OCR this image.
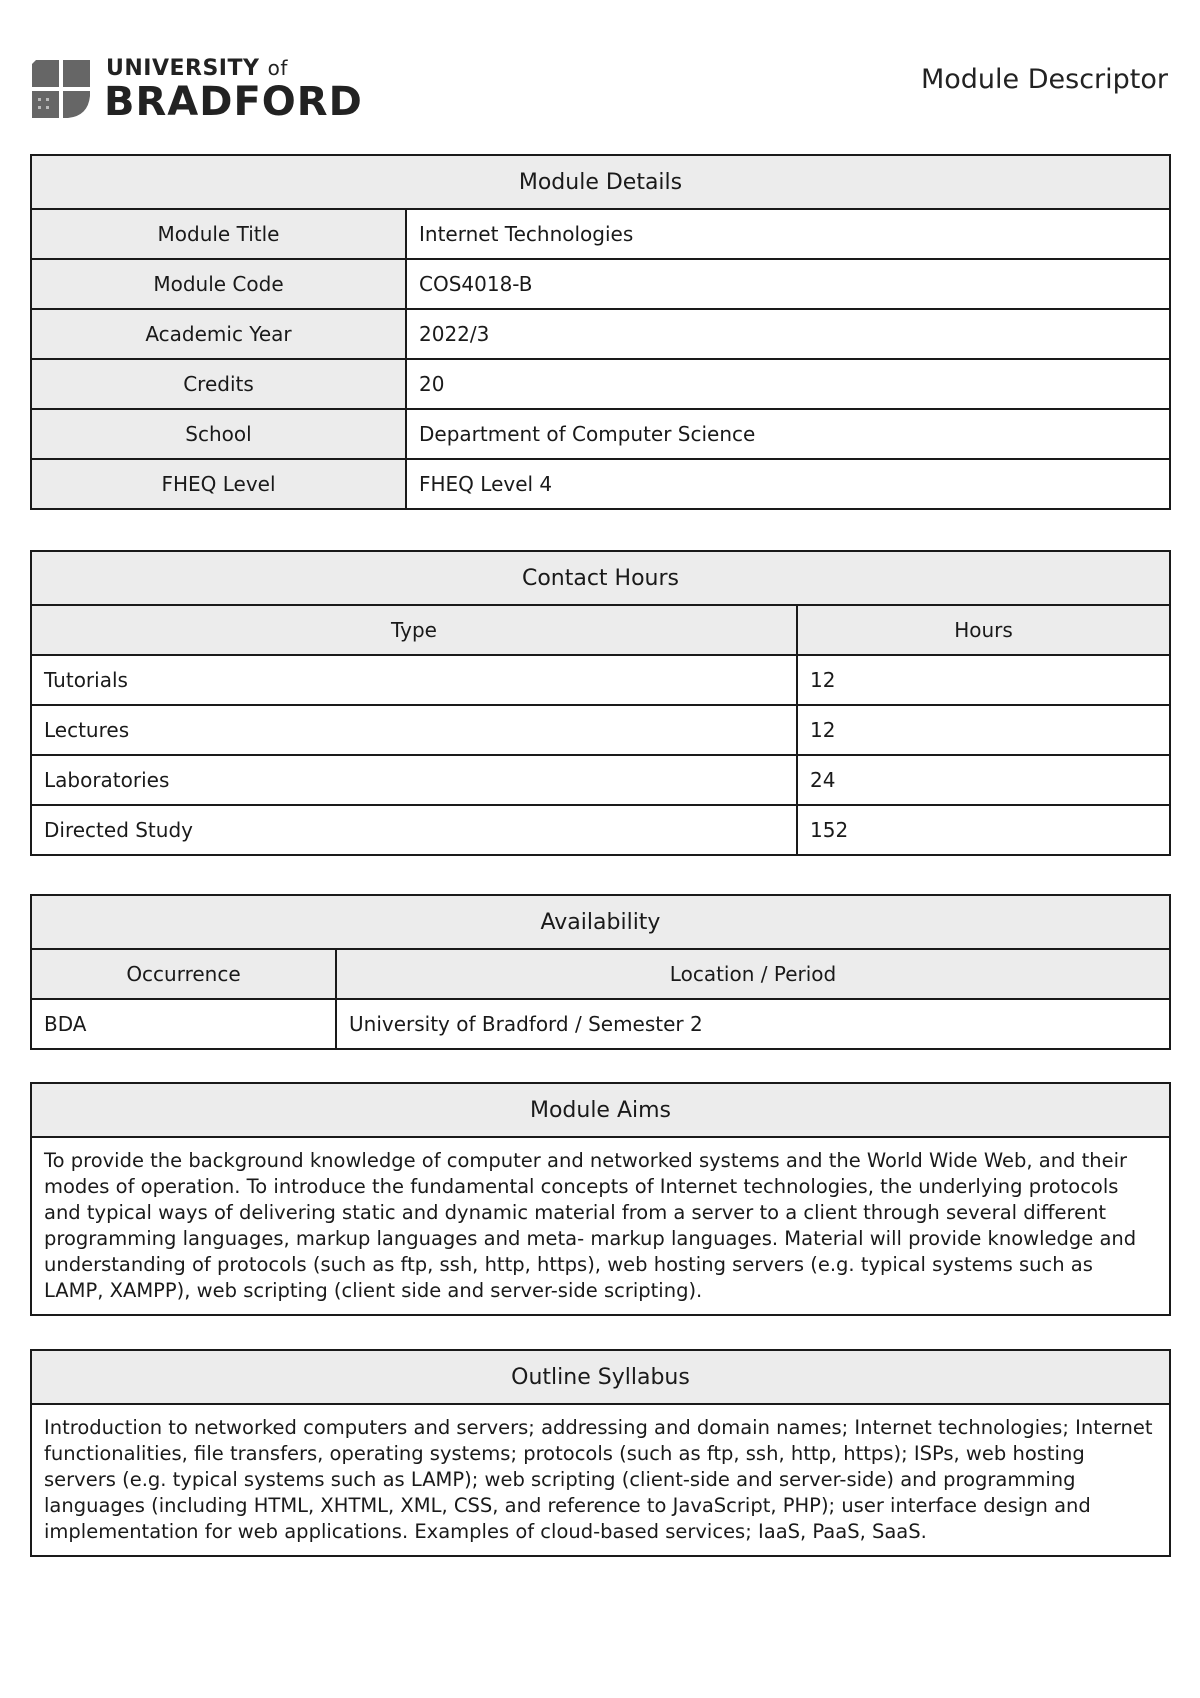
UNIVERSITY of
BRADFORD	Module Descriptor
Module Details	
Module Title	Internet Technologies
Module Code	COS4018-B
Academic Year	2022/3
Credits	20
School	Department of Computer Science
FHEQ Level	FHEQ Level 4
Contact Hours	
Type	Hours
Tutorials	12
Lectures	12
Laboratories	24
Directed Study	152
Availability	
Occurrence	Location / Period
BDA	University of Bradford / Semester 2
Module Aims
To provide the background knowledge of computer and networked systems and the World Wide Web, and their modes of operation. To introduce the fundamental concepts of Internet technologies, the underlying protocols and typical ways of delivering static and dynamic material from a server to a client through several different programming languages, markup languages and meta- markup languages. Material will provide knowledge and understanding of protocols (such as ftp, ssh, http, https), web hosting servers (e.g. typical systems such as LAMP, XAMPP), web scripting (client side and server-side scripting).
Outline Syllabus
Introduction to networked computers and servers; addressing and domain names; Internet technologies; Internet functionalities, file transfers, operating systems; protocols (such as ftp, ssh, http, https); ISPs, web hosting servers (e.g. typical systems such as LAMP); web scripting (client-side and server-side) and programming languages (including HTML, XHTML, XML, CSS, and reference to JavaScript, PHP); user interface design and implementation for web applications. Examples of cloud-based services; IaaS, PaaS, SaaS.
